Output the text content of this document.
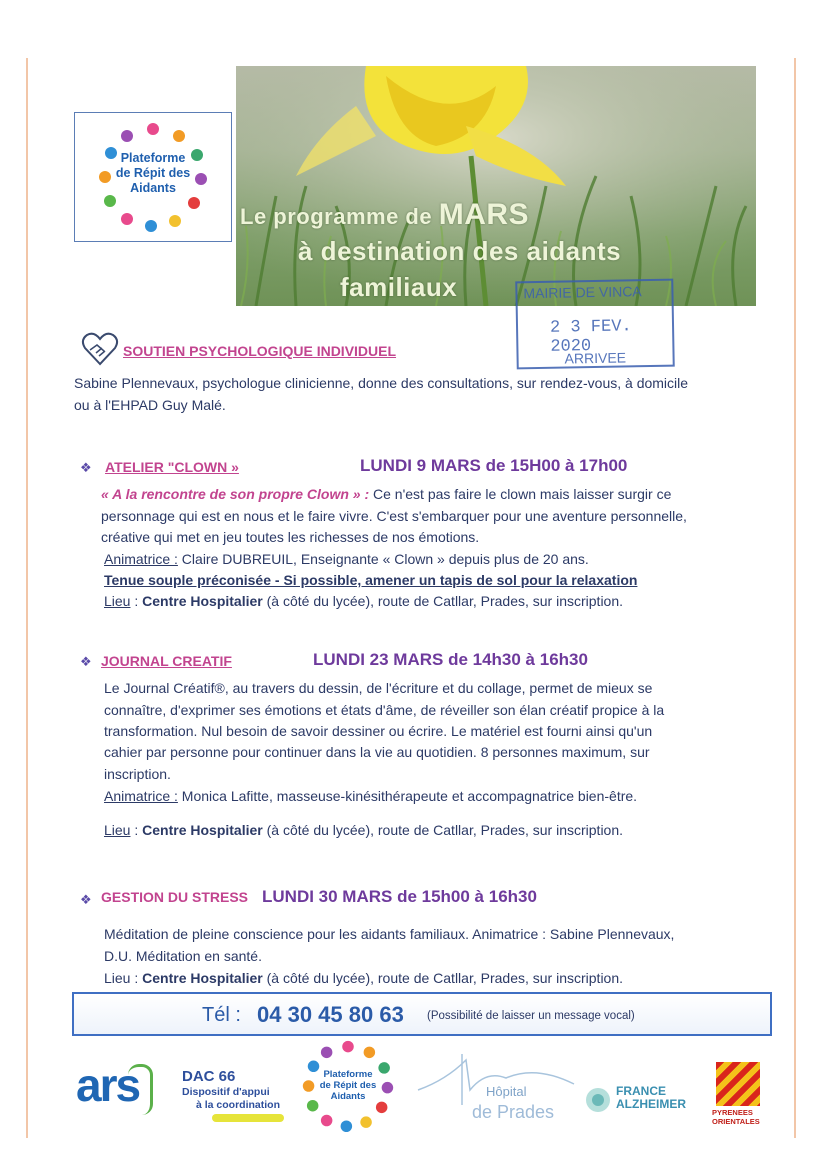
Plateforme
de Répit des
Aidants
Le programme de MARS
à destination des aidants
familiaux	MAIRIE DE VINCA
2 3 FEV. 2020
ARRIVEE
SOUTIEN PSYCHOLOGIQUE INDIVIDUEL
Sabine Plennevaux, psychologue clinicienne, donne des consultations, sur rendez-vous, à domicile
ou à l'EHPAD Guy Malé.
❖ ATELIER "CLOWN »	LUNDI 9 MARS de 15H00 à 17h00
« A la rencontre de son propre Clown » : Ce n'est pas faire le clown mais laisser surgir ce
personnage qui est en nous et le faire vivre. C'est s'embarquer pour une aventure personnelle,
créative qui met en jeu toutes les richesses de nos émotions.
Animatrice : Claire DUBREUIL, Enseignante « Clown » depuis plus de 20 ans.
Tenue souple préconisée - Si possible, amener un tapis de sol pour la relaxation
Lieu : Centre Hospitalier (à côté du lycée), route de Catllar, Prades, sur inscription.
❖ JOURNAL CREATIF	LUNDI 23 MARS de 14h30 à 16h30
Le Journal Créatif®, au travers du dessin, de l'écriture et du collage, permet de mieux se
connaître, d'exprimer ses émotions et états d'âme, de réveiller son élan créatif propice à la
transformation. Nul besoin de savoir dessiner ou écrire. Le matériel est fourni ainsi qu'un
cahier par personne pour continuer dans la vie au quotidien. 8 personnes maximum, sur
inscription.
Animatrice : Monica Lafitte, masseuse-kinésithérapeute et accompagnatrice bien-être.
Lieu : Centre Hospitalier (à côté du lycée), route de Catllar, Prades, sur inscription.
❖ GESTION DU STRESS LUNDI 30 MARS de 15h00 à 16h30
Méditation de pleine conscience pour les aidants familiaux. Animatrice : Sabine Plennevaux,
D.U. Méditation en santé.
Lieu : Centre Hospitalier (à côté du lycée), route de Catllar, Prades, sur inscription.
Tél : 04 30 45 80 63 (Possibilité de laisser un message vocal)
ars	DAC 66
Dispositif d'appui
à la coordination
Plateforme
de Répit des
Aidants	Hôpital
de Prades
FRANCE
ALZHEIMER
PYRENEES
ORIENTALES
